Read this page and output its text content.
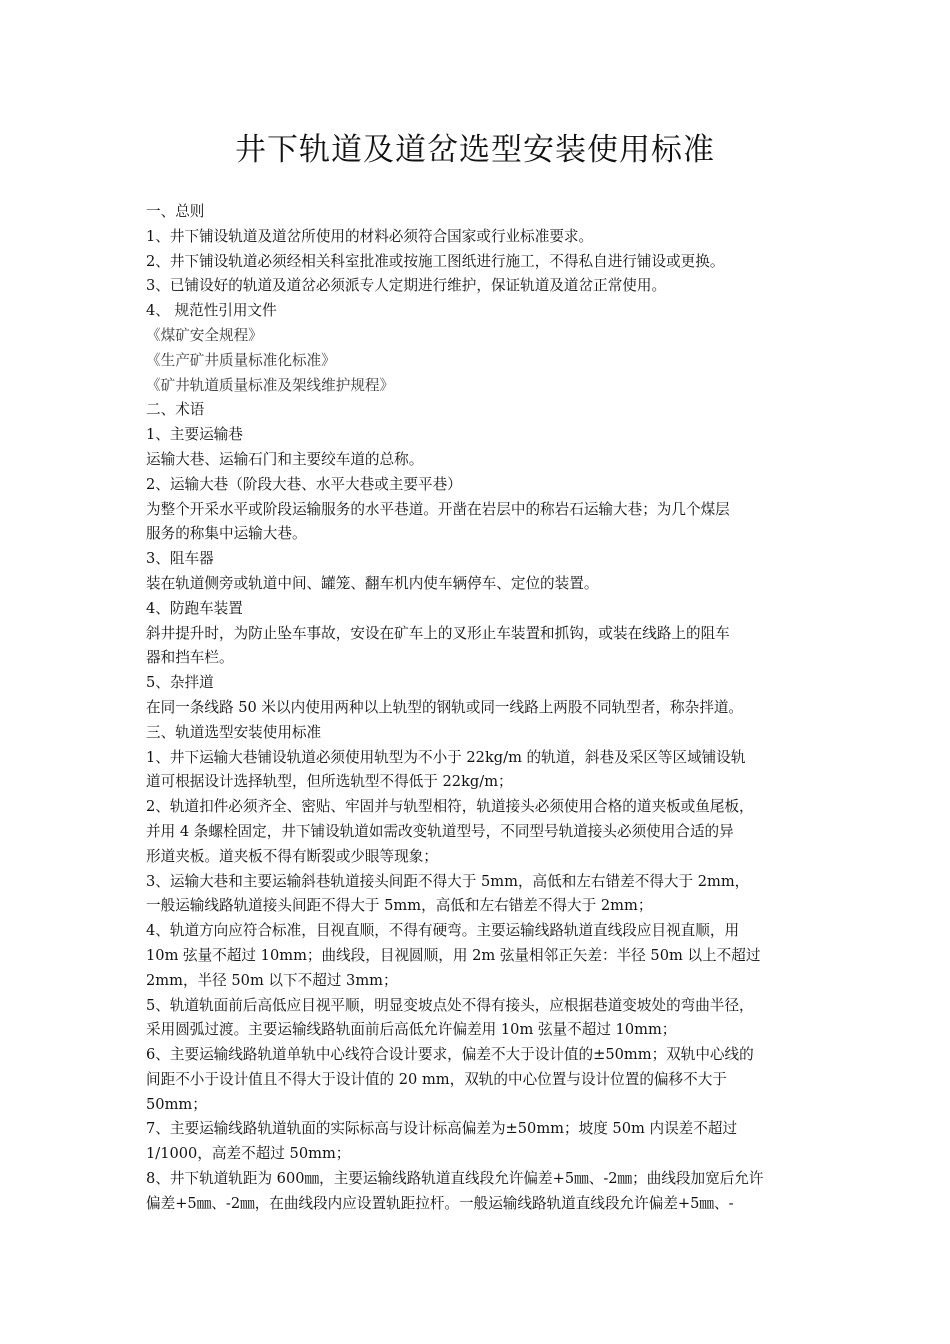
井下轨道及道岔选型安装使用标准
一、总则
1、井下铺设轨道及道岔所使用的材料必须符合国家或行业标准要求。
2、井下铺设轨道必须经相关科室批准或按施工图纸进行施工，不得私自进行铺设或更换。
3、已铺设好的轨道及道岔必须派专人定期进行维护，保证轨道及道岔正常使用。
4、 规范性引用文件
《煤矿安全规程》
《生产矿井质量标准化标准》
《矿井轨道质量标准及架线维护规程》
二、术语
1、主要运输巷
运输大巷、运输石门和主要绞车道的总称。
2、运输大巷（阶段大巷、水平大巷或主要平巷）
为整个开采水平或阶段运输服务的水平巷道。开凿在岩层中的称岩石运输大巷；为几个煤层
服务的称集中运输大巷。
3、阻车器
装在轨道侧旁或轨道中间、罐笼、翻车机内使车辆停车、定位的装置。
4、防跑车装置
斜井提升时，为防止坠车事故，安设在矿车上的叉形止车装置和抓钩，或装在线路上的阻车
器和挡车栏。
5、杂拌道
在同一条线路 50 米以内使用两种以上轨型的钢轨或同一线路上两股不同轨型者，称杂拌道。
三、轨道选型安装使用标准
1、井下运输大巷铺设轨道必须使用轨型为不小于 22kg/m 的轨道，斜巷及采区等区域铺设轨
道可根据设计选择轨型，但所选轨型不得低于 22kg/m；
2、轨道扣件必须齐全、密贴、牢固并与轨型相符，轨道接头必须使用合格的道夹板或鱼尾板，
并用 4 条螺栓固定，井下铺设轨道如需改变轨道型号，不同型号轨道接头必须使用合适的异
形道夹板。道夹板不得有断裂或少眼等现象；
3、运输大巷和主要运输斜巷轨道接头间距不得大于 5mm，高低和左右错差不得大于 2mm，
一般运输线路轨道接头间距不得大于 5mm，高低和左右错差不得大于 2mm；
4、轨道方向应符合标准，目视直顺，不得有硬弯。主要运输线路轨道直线段应目视直顺，用
10m 弦量不超过 10mm；曲线段，目视圆顺，用 2m 弦量相邻正矢差：半径 50m 以上不超过
2mm，半径 50m 以下不超过 3mm；
5、轨道轨面前后高低应目视平顺，明显变坡点处不得有接头，应根据巷道变坡处的弯曲半径，
采用圆弧过渡。主要运输线路轨面前后高低允许偏差用 10m 弦量不超过 10mm；
6、主要运输线路轨道单轨中心线符合设计要求，偏差不大于设计值的±50mm；双轨中心线的
间距不小于设计值且不得大于设计值的 20 mm，双轨的中心位置与设计位置的偏移不大于
50mm；
7、主要运输线路轨道轨面的实际标高与设计标高偏差为±50mm；坡度 50m 内误差不超过
1/1000，高差不超过 50mm；
8、井下轨道轨距为 600㎜，主要运输线路轨道直线段允许偏差+5㎜、-2㎜；曲线段加宽后允许
偏差+5㎜、-2㎜，在曲线段内应设置轨距拉杆。一般运输线路轨道直线段允许偏差+5㎜、-
